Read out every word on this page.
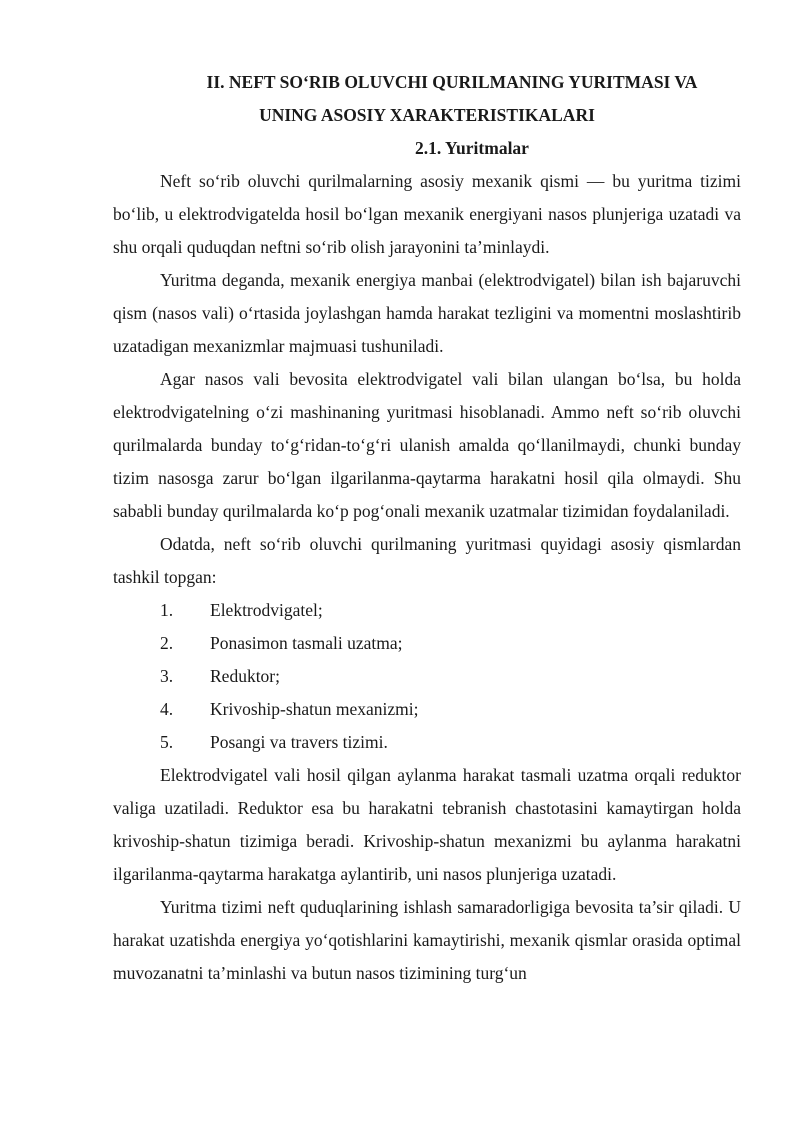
II. NEFT SO‘RIB OLUVCHI QURILMANING YURITMASI VA
UNING ASOSIY XARAKTERISTIKALARI
2.1. Yuritmalar

Neft so‘rib oluvchi qurilmalarning asosiy mexanik qismi — bu yuritma tizimi bo‘lib, u elektrodvigatelda hosil bo‘lgan mexanik energiyani nasos plunjeriga uzatadi va shu orqali quduqdan neftni so‘rib olish jarayonini ta’minlaydi.

Yuritma deganda, mexanik energiya manbai (elektrodvigatel) bilan ish bajaruvchi qism (nasos vali) o‘rtasida joylashgan hamda harakat tezligini va momentni moslashtirib uzatadigan mexanizmlar majmuasi tushuniladi.

Agar nasos vali bevosita elektrodvigatel vali bilan ulangan bo‘lsa, bu holda elektrodvigatelning o‘zi mashinaning yuritmasi hisoblanadi. Ammo neft so‘rib oluvchi qurilmalarda bunday to‘g‘ridan-to‘g‘ri ulanish amalda qo‘llanilmaydi, chunki bunday tizim nasosga zarur bo‘lgan ilgarilanma-qaytarma harakatni hosil qila olmaydi. Shu sababli bunday qurilmalarda ko‘p pog‘onali mexanik uzatmalar tizimidan foydalaniladi.

Odatda, neft so‘rib oluvchi qurilmaning yuritmasi quyidagi asosiy qismlardan tashkil topgan:

1.	Elektrodvigatel;
2.	Ponasimon tasmali uzatma;
3.	Reduktor;
4.	Krivoship-shatun mexanizmi;
5.	Posangi va travers tizimi.

Elektrodvigatel vali hosil qilgan aylanma harakat tasmali uzatma orqali reduktor valiga uzatiladi. Reduktor esa bu harakatni tebranish chastotasini kamaytirgan holda krivoship-shatun tizimiga beradi. Krivoship-shatun mexanizmi bu aylanma harakatni ilgarilanma-qaytarma harakatga aylantirib, uni nasos plunjeriga uzatadi.

Yuritma tizimi neft quduqlarining ishlash samaradorligiga bevosita ta’sir qiladi. U harakat uzatishda energiya yo‘qotishlarini kamaytirishi, mexanik qismlar orasida optimal muvozanatni ta’minlashi va butun nasos tizimining turg‘un
